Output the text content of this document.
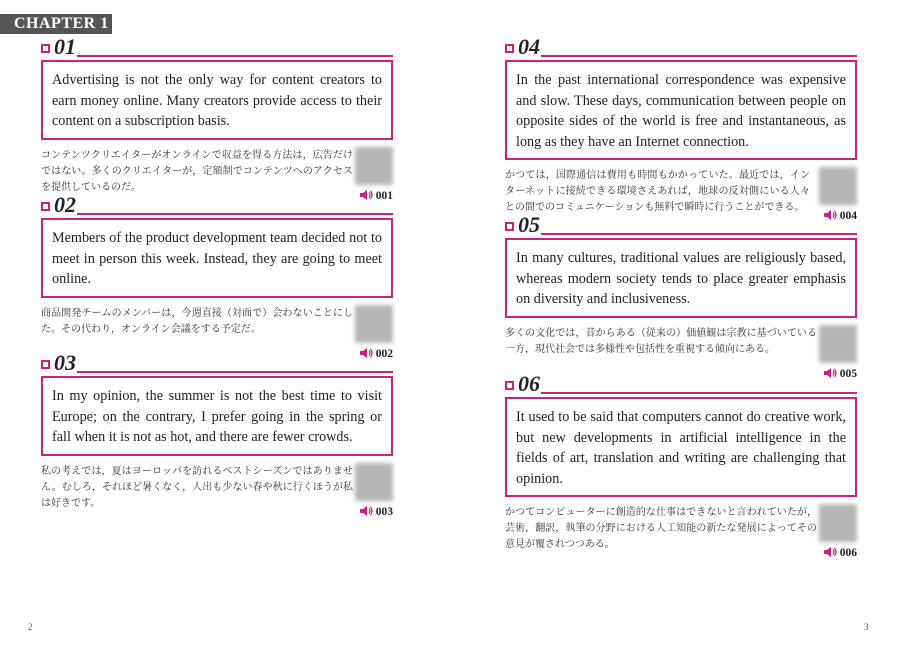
CHAPTER 1
01
Advertising is not the only way for content creators to earn money online. Many creators provide access to their content on a subscription basis.
コンテンツクリエイターがオンラインで収益を得る方法は，広告だけではない。多くのクリエイターが，定額制でコンテンツへのアクセスを提供しているのだ。
001
02
Members of the product development team decided not to meet in person this week. Instead, they are going to meet online.
商品開発チームのメンバーは，今週直接（対面で）会わないことにした。その代わり，オンライン会議をする予定だ。
002
03
In my opinion, the summer is not the best time to visit Europe; on the contrary, I prefer going in the spring or fall when it is not as hot, and there are fewer crowds.
私の考えでは，夏はヨーロッパを訪れるベストシーズンではありません。むしろ，それほど暑くなく，人出も少ない春や秋に行くほうが私は好きです。
003
04
In the past international correspondence was expensive and slow. These days, communication between people on opposite sides of the world is free and instantaneous, as long as they have an Internet connection.
かつては，国際通信は費用も時間もかかっていた。最近では，インターネットに接続できる環境さえあれば，地球の反対側にいる人々との間でのコミュニケーションも無料で瞬時に行うことができる。
004
05
In many cultures, traditional values are religiously based, whereas modern society tends to place greater emphasis on diversity and inclusiveness.
多くの文化では，昔からある（従来の）価値観は宗教に基づいている一方，現代社会では多様性や包括性を重視する傾向にある。
005
06
It used to be said that computers cannot do creative work, but new developments in artificial intelligence in the fields of art, translation and writing are challenging that opinion.
かつてコンピューターに創造的な仕事はできないと言われていたが，芸術，翻訳，執筆の分野における人工知能の新たな発展によってその意見が覆されつつある。
006
2	3
